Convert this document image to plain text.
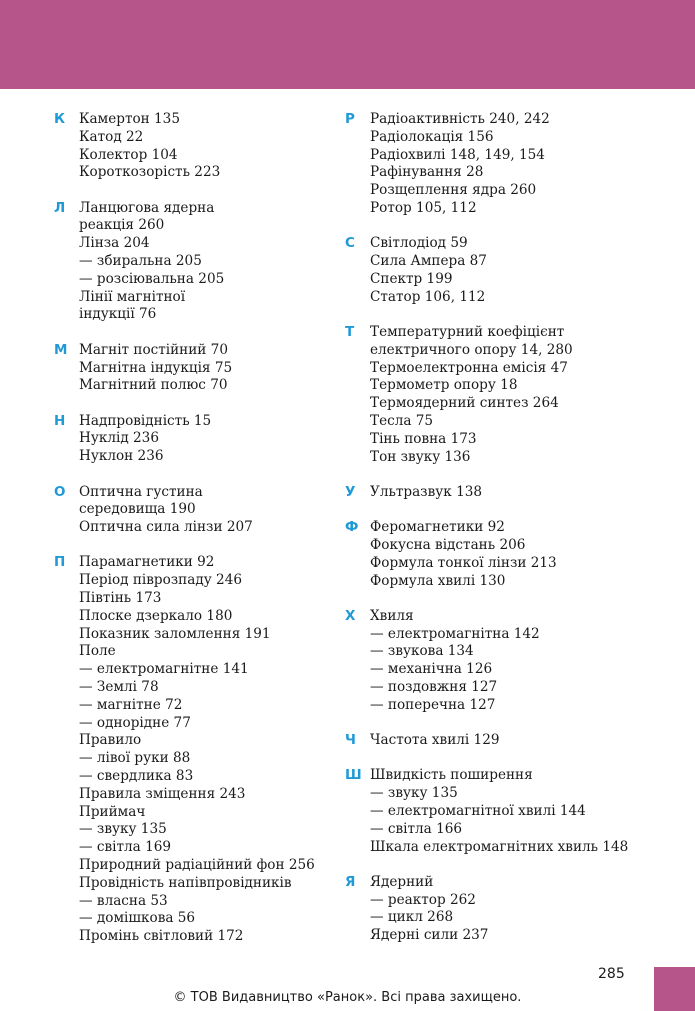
К	Камертон 135
Катод 22
Колектор 104
Короткозорість 223
Л	Ланцюгова ядерна
реакція 260
Лінза 204
— збиральна 205
— розсіювальна 205
Лінії магнітної
індукції 76
М Магніт постійний 70
Магнітна індукція 75
Магнітний полюс 70
Н	Надпровідність 15
Нуклід 236
Нуклон 236
О Оптична густина
середовища 190
Оптична сила лінзи 207
П	Парамагнетики 92
Період піврозпаду 246
Півтінь 173
Плоске дзеркало 180
Показник заломлення 191
Поле
— електромагнітне 141
— Землі 78
— магнітне 72
— однорідне 77
Правило
— лівої руки 88
— свердлика 83
Правила зміщення 243
Приймач
— звуку 135
— світла 169
Природний радіаційний фон 256
Провідність напівпровідників
— власна 53
— домішкова 56
Промінь світловий 172
Р	Радіоактивність 240, 242
Радіолокація 156
Радіохвилі 148, 149, 154
Рафінування 28
Розщеплення ядра 260
Ротор 105, 112
С	Світлодіод 59
Сила Ампера 87
Спектр 199
Статор 106, 112
Т	Температурний коефіцієнт
електричного опору 14, 280
Термоелектронна емісія 47
Термометр опору 18
Термоядерний синтез 264
Тесла 75
Тінь повна 173
Тон звуку 136
У	Ультразвук 138
Ф Феромагнетики 92
Фокусна відстань 206
Формула тонкої лінзи 213
Формула хвилі 130
Х	Хвиля
— електромагнітна 142
— звукова 134
— механічна 126
— поздовжня 127
— поперечна 127
Ч	Частота хвилі 129
Ш Швидкість поширення
— звуку 135
— електромагнітної хвилі 144
— світла 166
Шкала електромагнітних хвиль 148
Я	Ядерний
— реактор 262
— цикл 268
Ядерні сили 237
285
© ТОВ Видавництво «Ранок». Всі права захищено.
